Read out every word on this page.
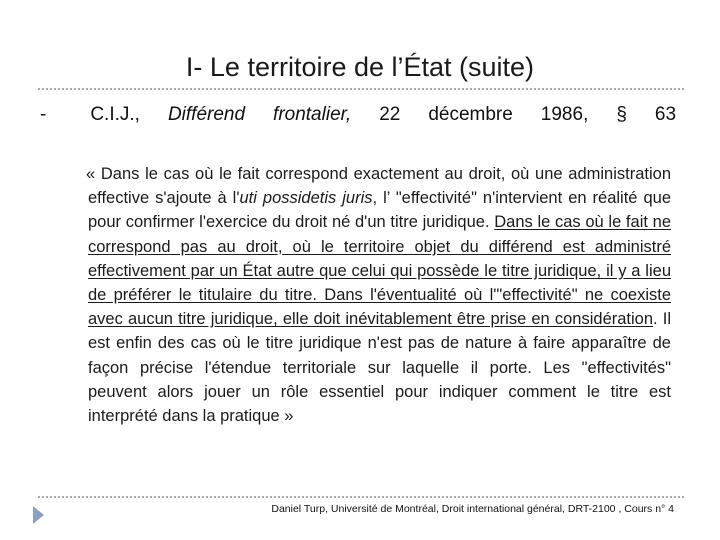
I- Le territoire de l’État (suite)
- C.I.J., Différend frontalier, 22 décembre 1986, § 63

« Dans le cas où le fait correspond exactement au droit, où une administration effective s'ajoute à l'uti possidetis juris, l’ "effectivité" n'intervient en réalité que pour confirmer l'exercice du droit né d'un titre juridique. Dans le cas où le fait ne correspond pas au droit, où le territoire objet du différend est administré effectivement par un État autre que celui qui possède le titre juridique, il y a lieu de préférer le titulaire du titre. Dans l'éventualité où l'"effectivité" ne coexiste avec aucun titre juridique, elle doit inévitablement être prise en considération. Il est enfin des cas où le titre juridique n'est pas de nature à faire apparaître de façon précise l'étendue territoriale sur laquelle il porte. Les "effectivités" peuvent alors jouer un rôle essentiel pour indiquer comment le titre est interprété dans la pratique »

Daniel Turp, Université de Montréal, Droit international général, DRT-2100 , Cours n° 4
